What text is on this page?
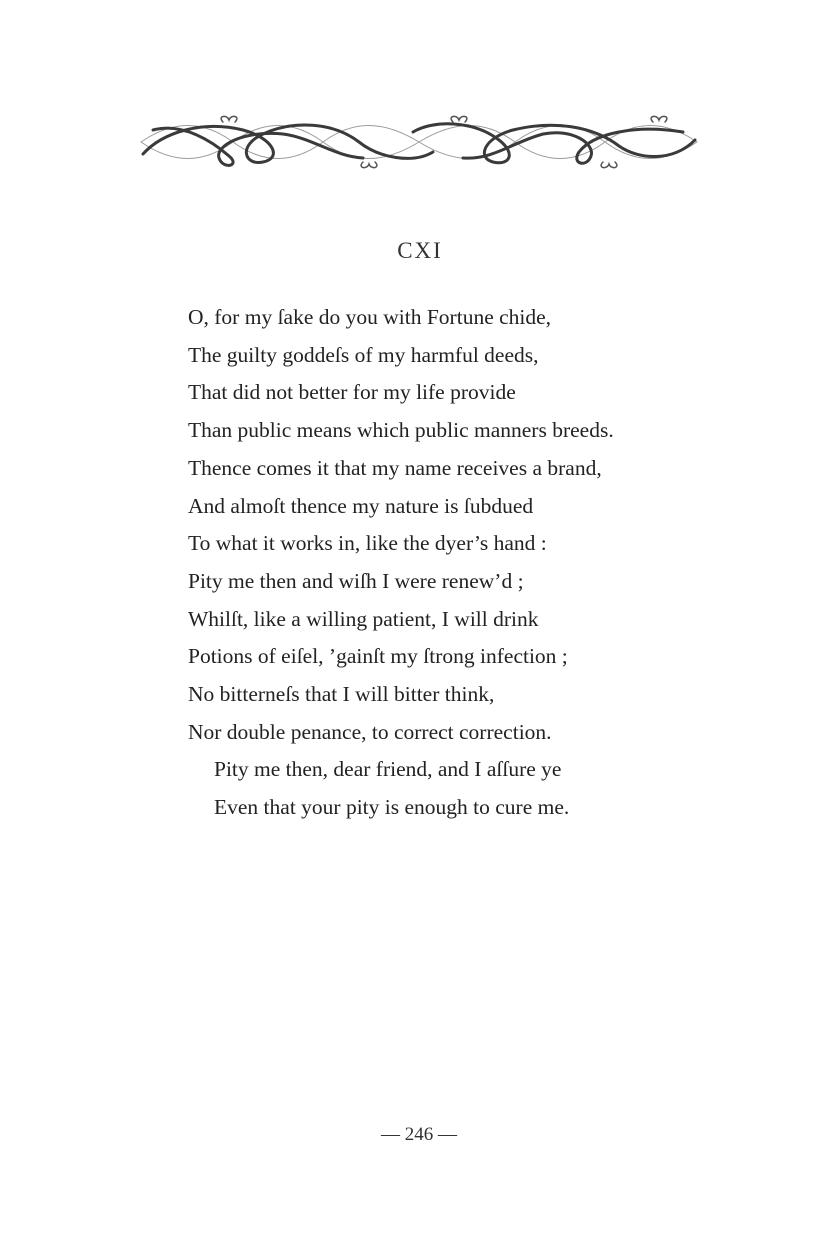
CXI
O, for my ſake do you with Fortune chide,
The guilty goddeſs of my harmful deeds,
That did not better for my life provide
Than public means which public manners breeds.
Thence comes it that my name receives a brand,
And almoſt thence my nature is ſubdued
To what it works in, like the dyer’s hand :
Pity me then and wiſh I were renew’d ;
Whilſt, like a willing patient, I will drink
Potions of eiſel, ’gainſt my ſtrong infection ;
No bitterneſs that I will bitter think,
Nor double penance, to correct correction.
Pity me then, dear friend, and I aſſure ye
Even that your pity is enough to cure me.
— 246 —
